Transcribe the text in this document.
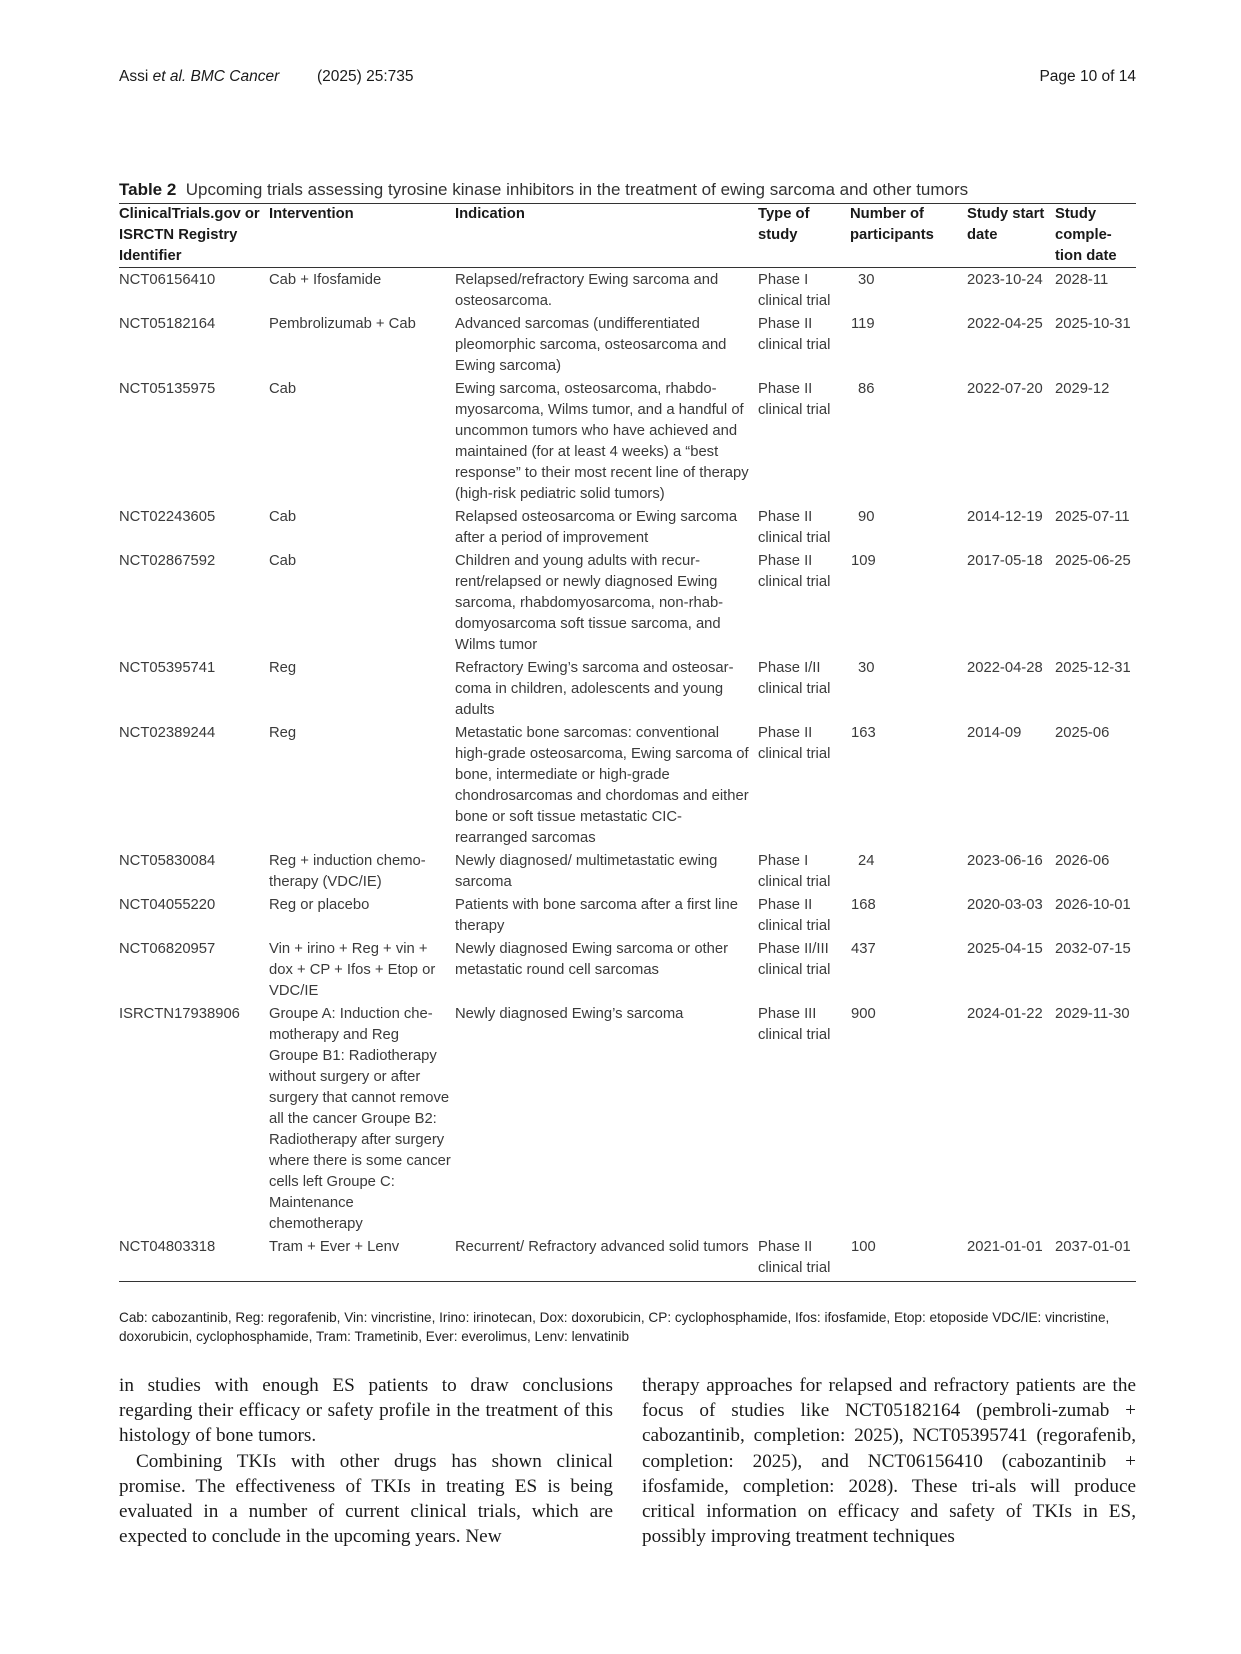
Assi et al. BMC Cancer (2025) 25:735	Page 10 of 14
Table 2 Upcoming trials assessing tyrosine kinase inhibitors in the treatment of ewing sarcoma and other tumors
ClinicalTrials.gov or ISRCTN Registry Identifier	Intervention	Indication	Type of study	Number of participants	Study start date	Study comple-tion date
NCT06156410	Cab + Ifosfamide	Relapsed/refractory Ewing sarcoma and osteosarcoma.	Phase I clinical trial	30	2023-10-24	2028-11
NCT05182164	Pembrolizumab + Cab	Advanced sarcomas (undifferentiated pleomorphic sarcoma, osteosarcoma and Ewing sarcoma)	Phase II clinical trial	119	2022-04-25	2025-10-31
NCT05135975	Cab	Ewing sarcoma, osteosarcoma, rhabdo-myosarcoma, Wilms tumor, and a handful of uncommon tumors who have achieved and maintained (for at least 4 weeks) a “best response” to their most recent line of therapy (high-risk pediatric solid tumors)	Phase II clinical trial	86	2022-07-20	2029-12
NCT02243605	Cab	Relapsed osteosarcoma or Ewing sarcoma after a period of improvement	Phase II clinical trial	90	2014-12-19	2025-07-11
NCT02867592	Cab	Children and young adults with recur-rent/relapsed or newly diagnosed Ewing sarcoma, rhabdomyosarcoma, non-rhab-domyosarcoma soft tissue sarcoma, and Wilms tumor	Phase II clinical trial	109	2017-05-18	2025-06-25
NCT05395741	Reg	Refractory Ewing’s sarcoma and osteosar-coma in children, adolescents and young adults	Phase I/II clinical trial	30	2022-04-28	2025-12-31
NCT02389244	Reg	Metastatic bone sarcomas: conventional high-grade osteosarcoma, Ewing sarcoma of bone, intermediate or high-grade chondrosarcomas and chordomas and either bone or soft tissue metastatic CIC-rearranged sarcomas	Phase II clinical trial	163	2014-09	2025-06
NCT05830084	Reg + induction chemo-therapy (VDC/IE)	Newly diagnosed/ multimetastatic ewing sarcoma	Phase I clinical trial	24	2023-06-16	2026-06
NCT04055220	Reg or placebo	Patients with bone sarcoma after a first line therapy	Phase II clinical trial	168	2020-03-03	2026-10-01
NCT06820957	Vin + irino + Reg + vin + dox + CP + Ifos + Etop or VDC/IE	Newly diagnosed Ewing sarcoma or other metastatic round cell sarcomas	Phase II/III clinical trial	437	2025-04-15	2032-07-15
ISRCTN17938906	Groupe A: Induction che-motherapy and Reg Groupe B1: Radiotherapy without surgery or after surgery that cannot remove all the cancer Groupe B2: Radiotherapy after surgery where there is some cancer cells left Groupe C: Maintenance chemotherapy	Newly diagnosed Ewing’s sarcoma	Phase III clinical trial	900	2024-01-22	2029-11-30
NCT04803318	Tram + Ever + Lenv	Recurrent/ Refractory advanced solid tumors	Phase II clinical trial	100	2021-01-01	2037-01-01
Cab: cabozantinib, Reg: regorafenib, Vin: vincristine, Irino: irinotecan, Dox: doxorubicin, CP: cyclophosphamide, Ifos: ifosfamide, Etop: etoposide VDC/IE: vincristine, doxorubicin, cyclophosphamide, Tram: Trametinib, Ever: everolimus, Lenv: lenvatinib

in studies with enough ES patients to draw conclusions regarding their efficacy or safety profile in the treatment of this histology of bone tumors.

Combining TKIs with other drugs has shown clinical promise. The effectiveness of TKIs in treating ES is being evaluated in a number of current clinical trials, which are expected to conclude in the upcoming years. New

therapy approaches for relapsed and refractory patients are the focus of studies like NCT05182164 (pembroli-zumab + cabozantinib, completion: 2025), NCT05395741 (regorafenib, completion: 2025), and NCT06156410 (cabozantinib + ifosfamide, completion: 2028). These tri-als will produce critical information on efficacy and safety of TKIs in ES, possibly improving treatment techniques
